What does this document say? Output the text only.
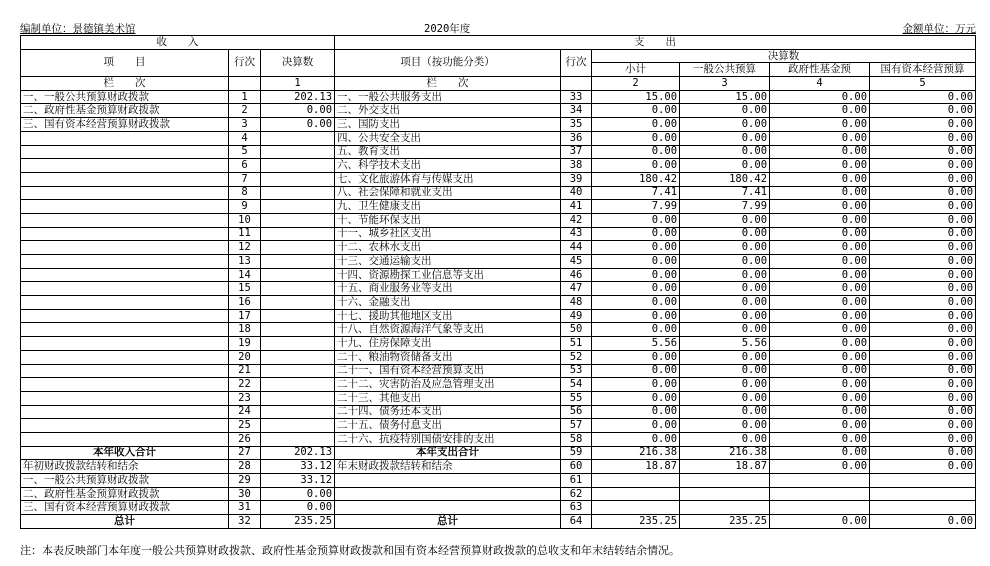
编制单位：景德镇美术馆	2020年度	金额单位：万元
收　　入			支　　出					
项　　目	行次	决算数	项目（按功能分类）	行次	决算数			
					小计	一般公共预算	政府性基金预	国有资本经营预算
栏　　次		1	栏　　次		2	3	4	5
一、一般公共预算财政拨款	1	202.13	一、一般公共服务支出	33	15.00	15.00	0.00	0.00
二、政府性基金预算财政拨款	2	0.00	二、外交支出	34	0.00	0.00	0.00	0.00
三、国有资本经营预算财政拨款	3	0.00	三、国防支出	35	0.00	0.00	0.00	0.00
	4		四、公共安全支出	36	0.00	0.00	0.00	0.00
	5		五、教育支出	37	0.00	0.00	0.00	0.00
	6		六、科学技术支出	38	0.00	0.00	0.00	0.00
	7		七、文化旅游体育与传媒支出	39	180.42	180.42	0.00	0.00
	8		八、社会保障和就业支出	40	7.41	7.41	0.00	0.00
	9		九、卫生健康支出	41	7.99	7.99	0.00	0.00
	10		十、节能环保支出	42	0.00	0.00	0.00	0.00
	11		十一、城乡社区支出	43	0.00	0.00	0.00	0.00
	12		十二、农林水支出	44	0.00	0.00	0.00	0.00
	13		十三、交通运输支出	45	0.00	0.00	0.00	0.00
	14		十四、资源勘探工业信息等支出	46	0.00	0.00	0.00	0.00
	15		十五、商业服务业等支出	47	0.00	0.00	0.00	0.00
	16		十六、金融支出	48	0.00	0.00	0.00	0.00
	17		十七、援助其他地区支出	49	0.00	0.00	0.00	0.00
	18		十八、自然资源海洋气象等支出	50	0.00	0.00	0.00	0.00
	19		十九、住房保障支出	51	5.56	5.56	0.00	0.00
	20		二十、粮油物资储备支出	52	0.00	0.00	0.00	0.00
	21		二十一、国有资本经营预算支出	53	0.00	0.00	0.00	0.00
	22		二十二、灾害防治及应急管理支出	54	0.00	0.00	0.00	0.00
	23		二十三、其他支出	55	0.00	0.00	0.00	0.00
	24		二十四、债务还本支出	56	0.00	0.00	0.00	0.00
	25		二十五、债务付息支出	57	0.00	0.00	0.00	0.00
	26		二十六、抗疫特别国债安排的支出	58	0.00	0.00	0.00	0.00
本年收入合计	27	202.13	本年支出合计	59	216.38	216.38	0.00	0.00
年初财政拨款结转和结余	28	33.12	年末财政拨款结转和结余	60	18.87	18.87	0.00	0.00
一、一般公共预算财政拨款	29	33.12		61				
二、政府性基金预算财政拨款	30	0.00		62				
三、国有资本经营预算财政拨款	31	0.00		63				
总计	32	235.25	总计	64	235.25	235.25	0.00	0.00
注：本表反映部门本年度一般公共预算财政拨款、政府性基金预算财政拨款和国有资本经营预算财政拨款的总收支和年末结转结余情况。
